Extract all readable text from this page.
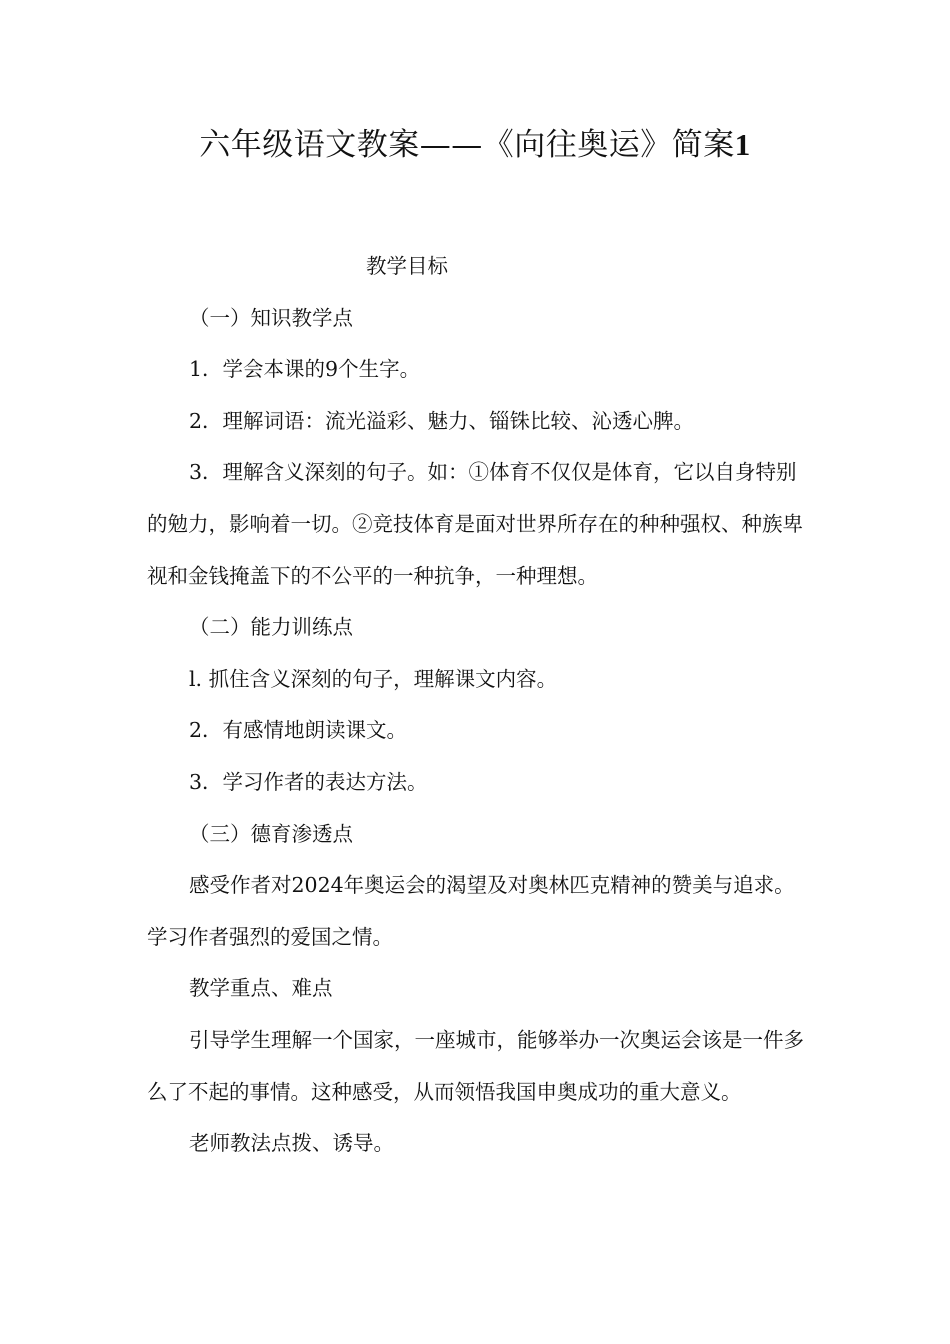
六年级语文教案——《向往奥运》简案1

教学目标

（一）知识教学点

1．学会本课的9个生字。

2．理解词语：流光溢彩、魅力、锱铢比较、沁透心脾。

3．理解含义深刻的句子。如：①体育不仅仅是体育，它以自身特别的勉力，影响着一切。②竞技体育是面对世界所存在的种种强权、种族卑视和金钱掩盖下的不公平的一种抗争，一种理想。

（二）能力训练点

l. 抓住含义深刻的句子，理解课文内容。

2．有感情地朗读课文。

3．学习作者的表达方法。

（三）德育渗透点

感受作者对2024年奥运会的渴望及对奥林匹克精神的赞美与追求。学习作者强烈的爱国之情。

教学重点、难点

引导学生理解一个国家，一座城市，能够举办一次奥运会该是一件多么了不起的事情。这种感受，从而领悟我国申奥成功的重大意义。

老师教法点拨、诱导。
